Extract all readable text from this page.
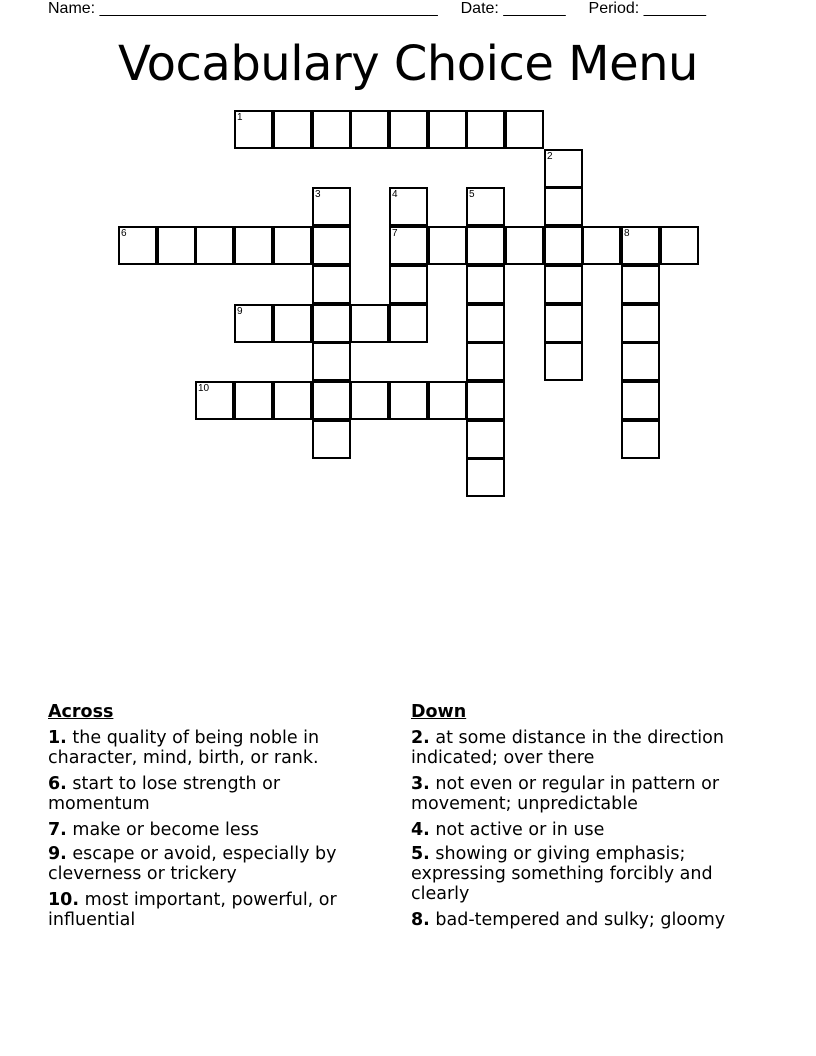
Name: ______________________________________ Date: _______ Period: _______
Vocabulary Choice Menu
1
2
3	4
7
5
6	8
9
10
Across
1. the quality of being noble in character, mind, birth, or rank.
6. start to lose strength or momentum
7. make or become less
9. escape or avoid, especially by cleverness or trickery
10. most important, powerful, or influential
Down
2. at some distance in the direction indicated; over there
3. not even or regular in pattern or movement; unpredictable
4. not active or in use
5. showing or giving emphasis; expressing something forcibly and clearly
8. bad-tempered and sulky; gloomy
